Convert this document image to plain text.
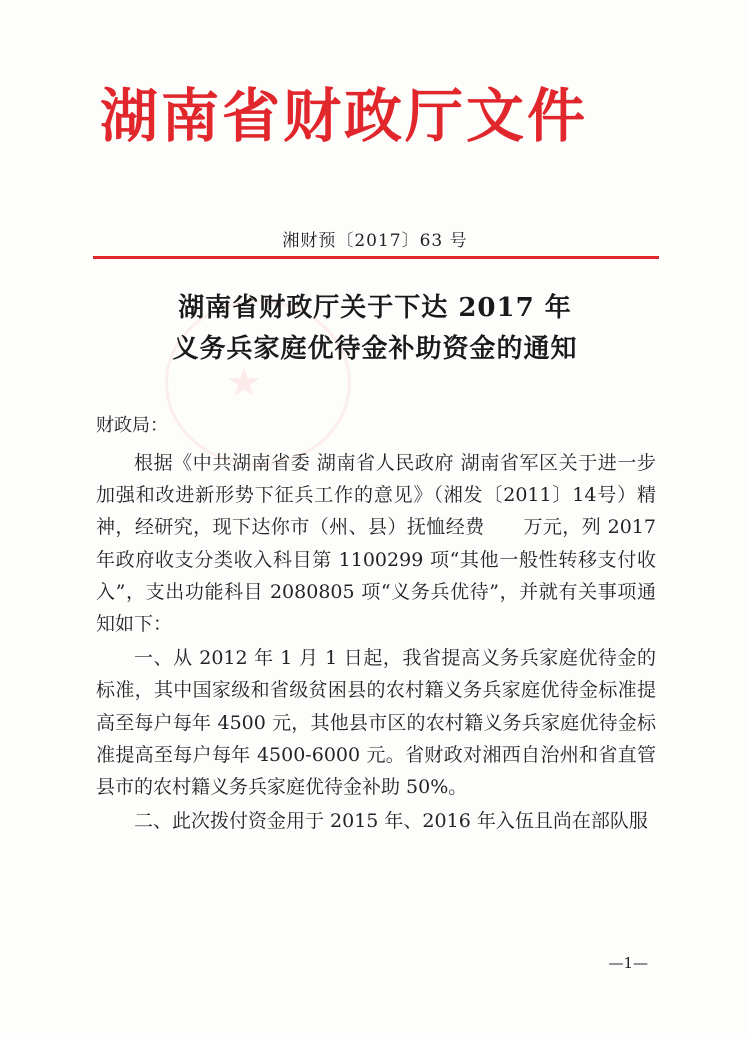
★
湖南省财政厅文件
湘财预〔2017〕63 号
湖南省财政厅关于下达 2017 年
义务兵家庭优待金补助资金的通知
财政局：

根据《中共湖南省委 湖南省人民政府 湖南省军区关于进一步加强和改进新形势下征兵工作的意见》（湘发〔2011〕14号）精神，经研究，现下达你市（州、县）抚恤经费　　万元，列 2017 年政府收支分类收入科目第 1100299 项“其他一般性转移支付收入”，支出功能科目 2080805 项“义务兵优待”，并就有关事项通知如下：

一、从 2012 年 1 月 1 日起，我省提高义务兵家庭优待金的标准，其中国家级和省级贫困县的农村籍义务兵家庭优待金标准提高至每户每年 4500 元，其他县市区的农村籍义务兵家庭优待金标准提高至每户每年 4500-6000 元。省财政对湘西自治州和省直管县市的农村籍义务兵家庭优待金补助 50%。

二、此次拨付资金用于 2015 年、2016 年入伍且尚在部队服

—1—
